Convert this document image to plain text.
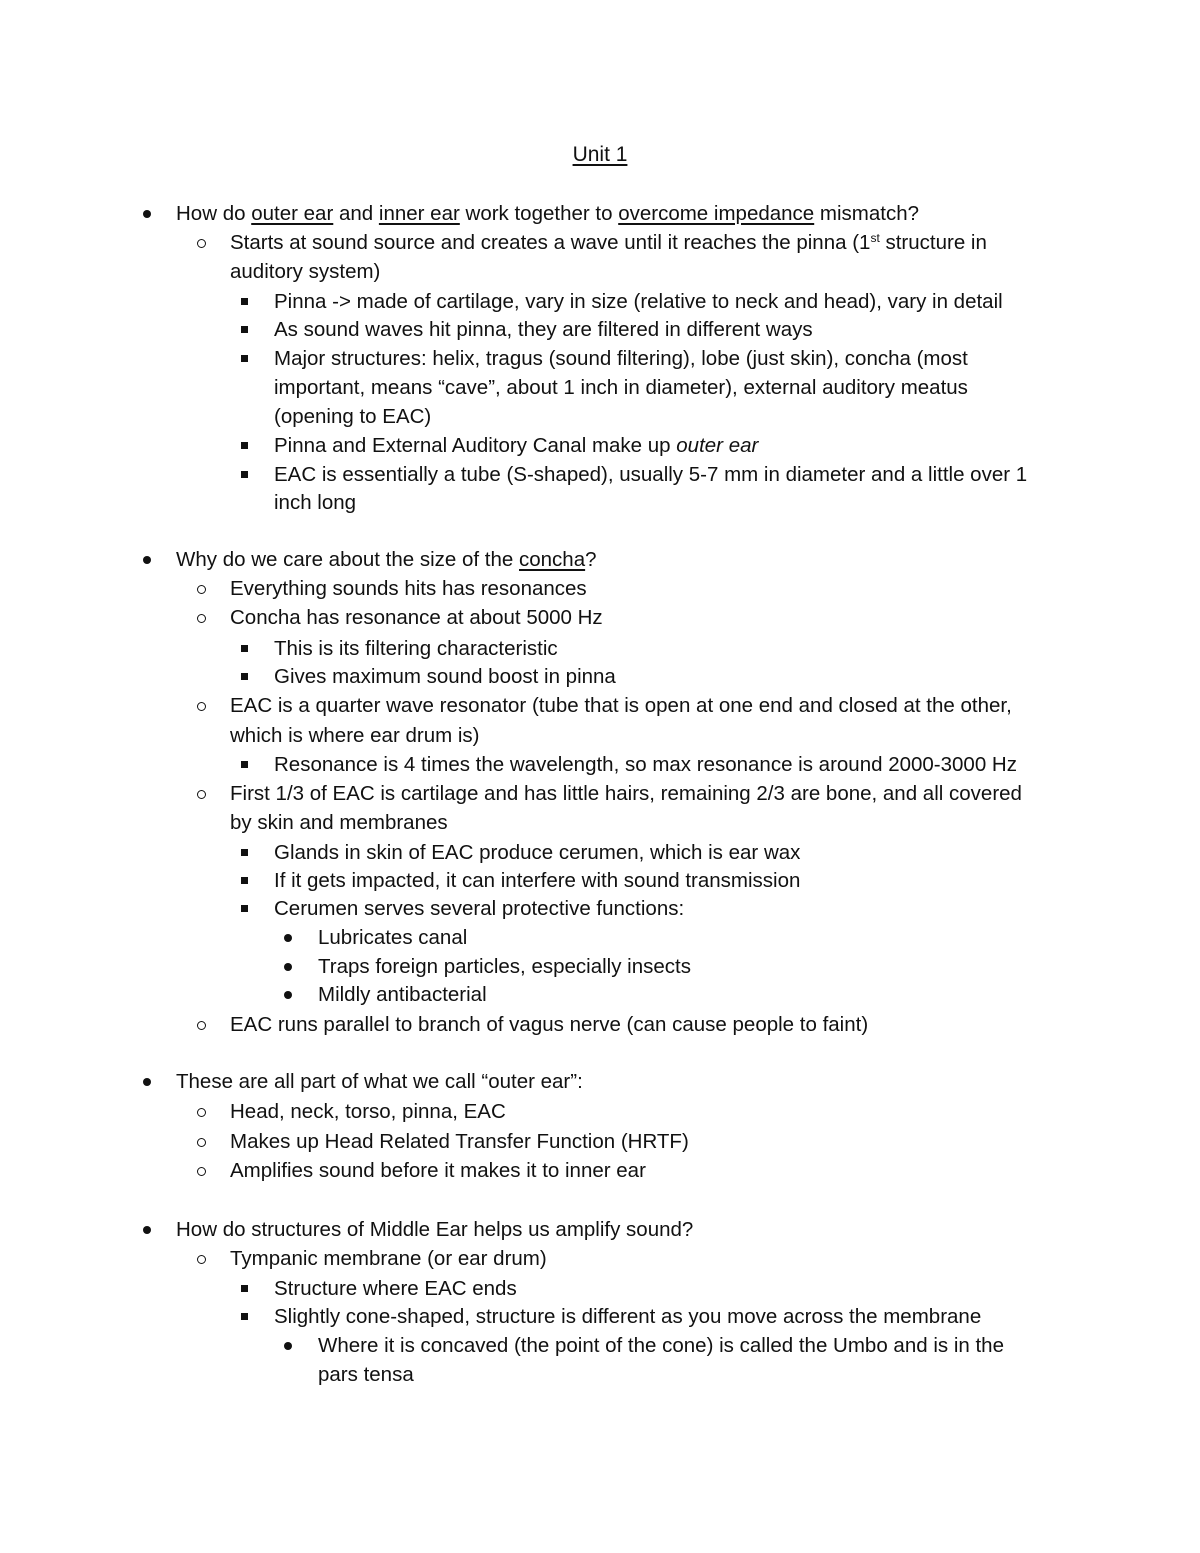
Unit 1
How do outer ear and inner ear work together to overcome impedance mismatch?
Starts at sound source and creates a wave until it reaches the pinna (1st structure in
auditory system)
Pinna -> made of cartilage, vary in size (relative to neck and head), vary in detail
As sound waves hit pinna, they are filtered in different ways
Major structures: helix, tragus (sound filtering), lobe (just skin), concha (most
important, means “cave”, about 1 inch in diameter), external auditory meatus
(opening to EAC)
Pinna and External Auditory Canal make up outer ear
EAC is essentially a tube (S-shaped), usually 5-7 mm in diameter and a little over 1
inch long
Why do we care about the size of the concha?
Everything sounds hits has resonances
Concha has resonance at about 5000 Hz
This is its filtering characteristic
Gives maximum sound boost in pinna
EAC is a quarter wave resonator (tube that is open at one end and closed at the other,
which is where ear drum is)
Resonance is 4 times the wavelength, so max resonance is around 2000-3000 Hz
First 1/3 of EAC is cartilage and has little hairs, remaining 2/3 are bone, and all covered
by skin and membranes
Glands in skin of EAC produce cerumen, which is ear wax
If it gets impacted, it can interfere with sound transmission
Cerumen serves several protective functions:
Lubricates canal
Traps foreign particles, especially insects
Mildly antibacterial
EAC runs parallel to branch of vagus nerve (can cause people to faint)
These are all part of what we call “outer ear”:
Head, neck, torso, pinna, EAC
Makes up Head Related Transfer Function (HRTF)
Amplifies sound before it makes it to inner ear
How do structures of Middle Ear helps us amplify sound?
Tympanic membrane (or ear drum)
Structure where EAC ends
Slightly cone-shaped, structure is different as you move across the membrane
Where it is concaved (the point of the cone) is called the Umbo and is in the
pars tensa
